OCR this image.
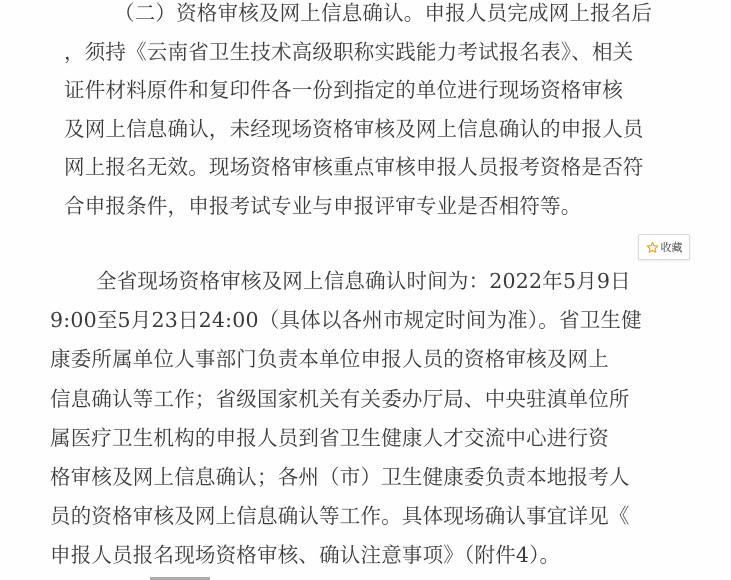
（二）资格审核及网上信息确认。申报人员完成网上报名后
，须持《云南省卫生技术高级职称实践能力考试报名表》、相关
证件材料原件和复印件各一份到指定的单位进行现场资格审核
及网上信息确认，未经现场资格审核及网上信息确认的申报人员
网上报名无效。现场资格审核重点审核申报人员报考资格是否符
合申报条件，申报考试专业与申报评审专业是否相符等。
收藏
全省现场资格审核及网上信息确认时间为：2022年5月9日
9:00至5月23日24:00（具体以各州市规定时间为准）。省卫生健
康委所属单位人事部门负责本单位申报人员的资格审核及网上
信息确认等工作；省级国家机关有关委办厅局、中央驻滇单位所
属医疗卫生机构的申报人员到省卫生健康人才交流中心进行资
格审核及网上信息确认；各州（市）卫生健康委负责本地报考人
员的资格审核及网上信息确认等工作。具体现场确认事宜详见《
申报人员报名现场资格审核、确认注意事项》（附件4）。
